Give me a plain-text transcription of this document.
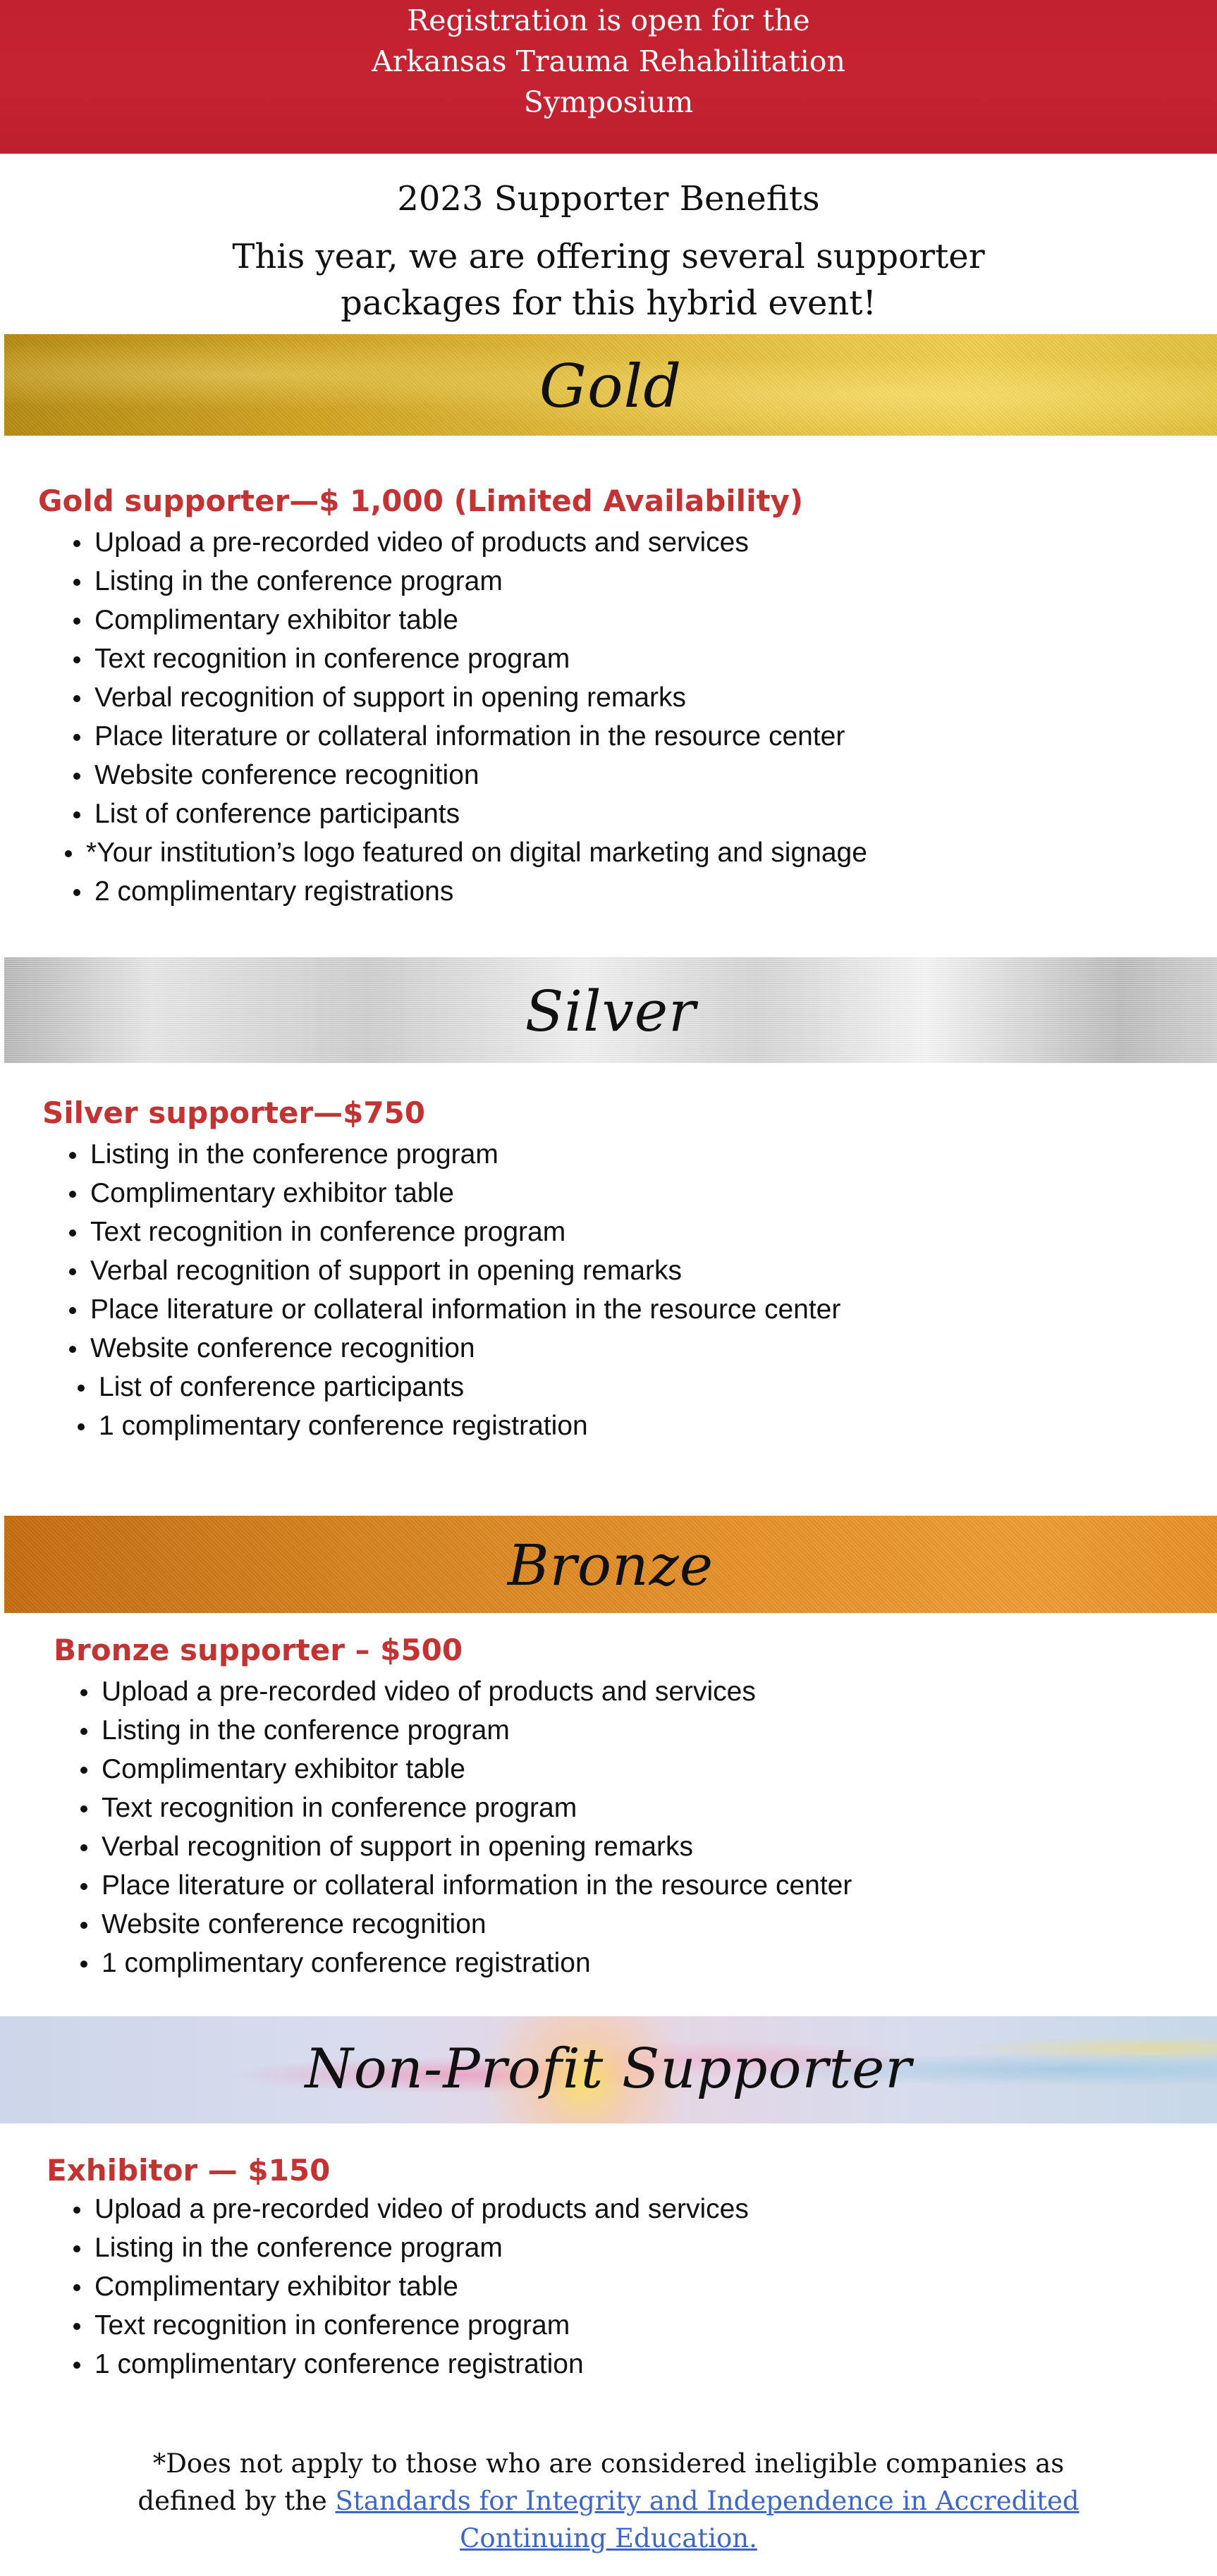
Registration is open for the
Arkansas Trauma Rehabilitation
Symposium
2023 Supporter Benefits
This year, we are offering several supporter
packages for this hybrid event!
Gold
Gold supporter—$ 1,000 (Limited Availability)
Upload a pre-recorded video of products and services
Listing in the conference program
Complimentary exhibitor table
Text recognition in conference program
Verbal recognition of support in opening remarks
Place literature or collateral information in the resource center
Website conference recognition
List of conference participants
*Your institution’s logo featured on digital marketing and signage
2 complimentary registrations
Silver
Silver supporter—$750
Listing in the conference program
Complimentary exhibitor table
Text recognition in conference program
Verbal recognition of support in opening remarks
Place literature or collateral information in the resource center
Website conference recognition
List of conference participants
1 complimentary conference registration
Bronze
Bronze supporter – $500
Upload a pre-recorded video of products and services
Listing in the conference program
Complimentary exhibitor table
Text recognition in conference program
Verbal recognition of support in opening remarks
Place literature or collateral information in the resource center
Website conference recognition
1 complimentary conference registration
Non-Profit Supporter
Exhibitor — $150
Upload a pre-recorded video of products and services
Listing in the conference program
Complimentary exhibitor table
Text recognition in conference program
1 complimentary conference registration
*Does not apply to those who are considered ineligible companies as
defined by the Standards for Integrity and Independence in Accredited
Continuing Education.
